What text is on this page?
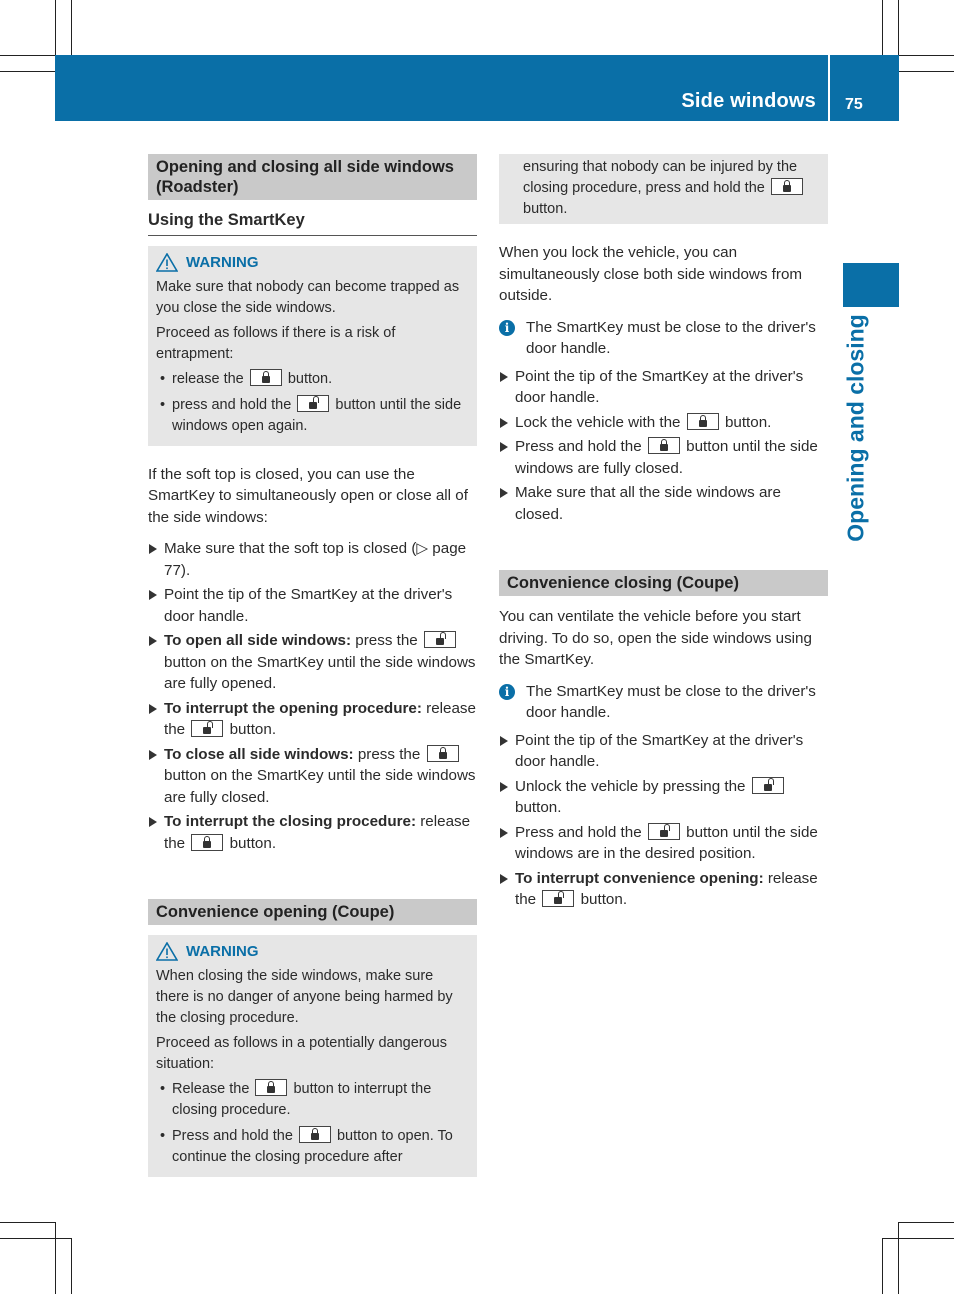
Side windows 75
Opening and closing
Opening and closing all side windows (Roadster)
Using the SmartKey
WARNING

Make sure that nobody can become trapped as you close the side windows.

Proceed as follows if there is a risk of entrapment:

• release the	button.
• press and hold the	button until the side windows open again.

If the soft top is closed, you can use the SmartKey to simultaneously open or close all of the side windows:

Make sure that the soft top is closed (▷ page 77).
Point the tip of the SmartKey at the driver's door handle.
To open all side windows: press the
button on the SmartKey until the side windows are fully opened.
To interrupt the opening procedure: release the	button.
To close all side windows: press the
button on the SmartKey until the side windows are fully closed.
To interrupt the closing procedure: release the	button.
Convenience opening (Coupe)
WARNING

When closing the side windows, make sure there is no danger of anyone being harmed by the closing procedure.

Proceed as follows in a potentially dangerous situation:

• Release the	button to interrupt the closing procedure.
• Press and hold the	button to open. To continue the closing procedure after

ensuring that nobody can be injured by the closing procedure, press and hold the
button.

When you lock the vehicle, you can simultaneously close both side windows from outside.

i	The SmartKey must be close to the driver's door handle.
Point the tip of the SmartKey at the driver's door handle.
Lock the vehicle with the	button.
Press and hold the	button until the side windows are fully closed.
Make sure that all the side windows are closed.
Convenience closing (Coupe)

You can ventilate the vehicle before you start driving. To do so, open the side windows using the SmartKey.

i	The SmartKey must be close to the driver's door handle.
Point the tip of the SmartKey at the driver's door handle.
Unlock the vehicle by pressing the
button.
Press and hold the	button until the side windows are in the desired position.
To interrupt convenience opening: release the	button.
